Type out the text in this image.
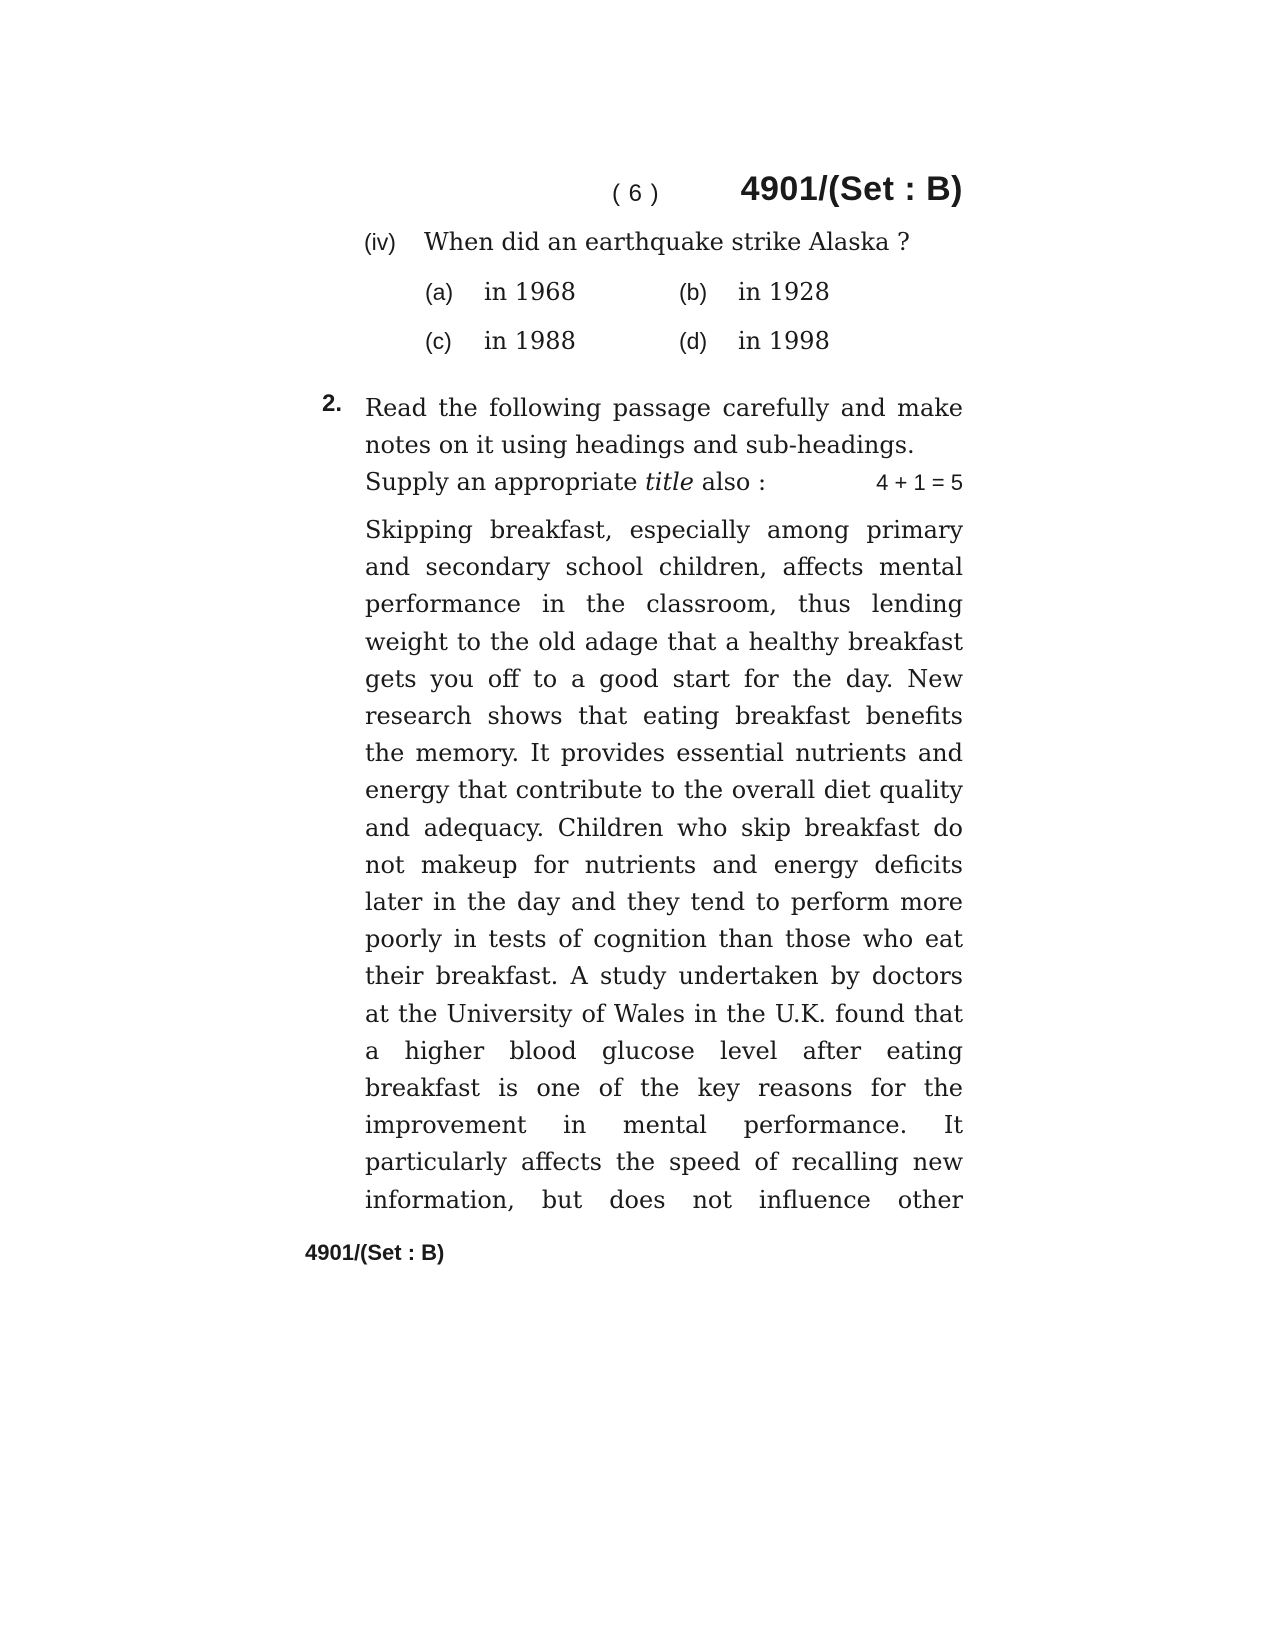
( 6 ) 4901/(Set : B)
(iv) When did an earthquake strike Alaska ?
(a) in 1968	(b) in 1928
(c) in 1988	(d) in 1998
2. Read the following passage carefully and make notes on it using headings and sub-headings.
Supply an appropriate title also :	4 + 1 = 5

Skipping breakfast, especially among primary and secondary school children, affects mental performance in the classroom, thus lending weight to the old adage that a healthy breakfast gets you off to a good start for the day. New research shows that eating breakfast benefits the memory. It provides essential nutrients and energy that contribute to the overall diet quality and adequacy. Children who skip breakfast do not makeup for nutrients and energy deficits later in the day and they tend to perform more poorly in tests of cognition than those who eat their breakfast. A study undertaken by doctors at the University of Wales in the U.K. found that a higher blood glucose level after eating breakfast is one of the key reasons for the improvement in mental performance. It particularly affects the speed of recalling new information, but does not influence other

4901/(Set : B)
